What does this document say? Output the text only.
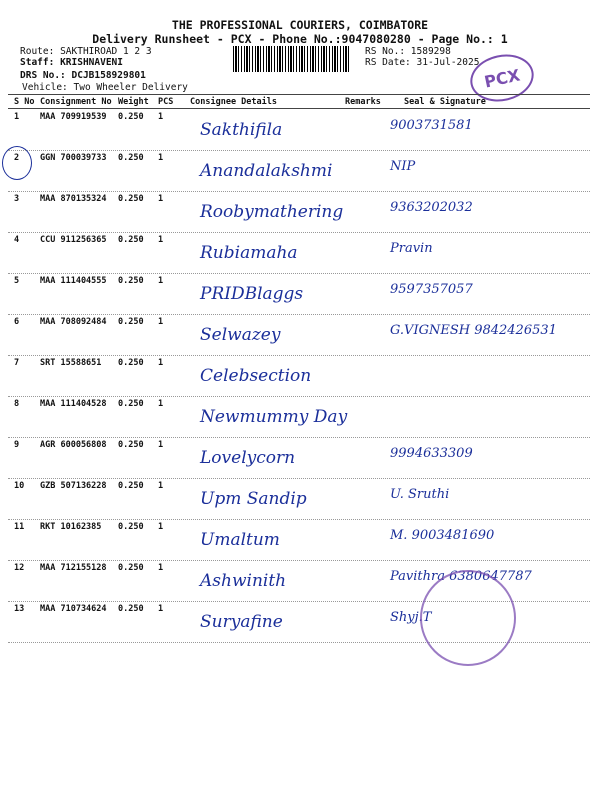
THE PROFESSIONAL COURIERS, COIMBATORE
Delivery Runsheet - PCX - Phone No.:9047080280 - Page No.: 1
Route: SAKTHIROAD 1 2 3
Staff: KRISHNAVENI
DRS No.: DCJB158929801
Vehicle: Two Wheeler Delivery
RS No.: 1589298
RS Date: 31-Jul-2025
PCX
S No Consignment No Weight PCS Consignee Details	Remarks	Seal & Signature
1 MAA 709919539 0.250 1
Sakthifila	9003731581
2 GGN 700039733 0.250 1
Anandalakshmi	NIP
3 MAA 870135324 0.250 1
Roobymathering	9363202032
4 CCU 911256365 0.250 1
Rubiamaha	Pravin
5 MAA 111404555 0.250 1
PRIDBlaggs	9597357057
6 MAA 708092484 0.250 1
Selwazey	G.VIGNESH 9842426531
7 SRT 15588651 0.250 1
Celebsection
8 MAA 111404528 0.250 1
Newmummy Day
9 AGR 600056808 0.250 1
Lovelycorn	9994633309
10 GZB 507136228 0.250 1
Upm Sandip	U. Sruthi
11 RKT 10162385 0.250 1
Umaltum	M. 9003481690
12 MAA 712155128 0.250 1
Ashwinith	Pavithra 6380647787
13 MAA 710734624 0.250 1
Suryafine	Shyj.T
